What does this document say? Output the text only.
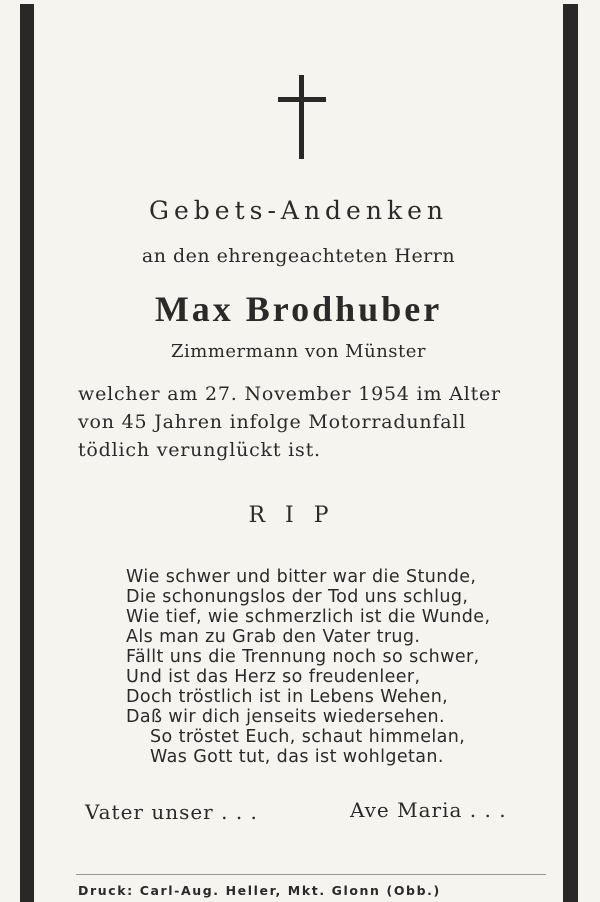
Gebets-Andenken
an den ehrengeachteten Herrn
Max Brodhuber
Zimmermann von Münster
welcher am 27. November 1954 im Alter
von 45 Jahren infolge Motorradunfall
tödlich verunglückt ist.
RIP
Wie schwer und bitter war die Stunde,
Die schonungslos der Tod uns schlug,
Wie tief, wie schmerzlich ist die Wunde,
Als man zu Grab den Vater trug.
Fällt uns die Trennung noch so schwer,
Und ist das Herz so freudenleer,
Doch tröstlich ist in Lebens Wehen,
Daß wir dich jenseits wiedersehen.
So tröstet Euch, schaut himmelan,
Was Gott tut, das ist wohlgetan.
Vater unser . . .	Ave Maria . . .
Druck: Carl-Aug. Heller, Mkt. Glonn (Obb.)
